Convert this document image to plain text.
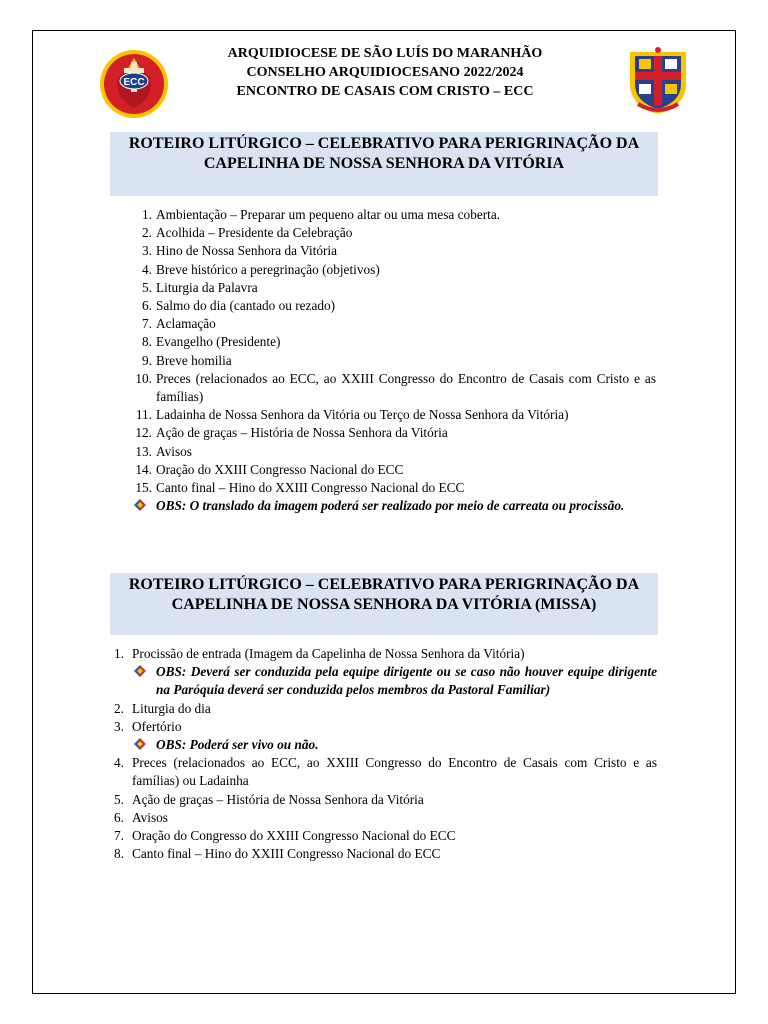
ECC
ARQUIDIOCESE DE SÃO LUÍS DO MARANHÃO
CONSELHO ARQUIDIOCESANO 2022/2024
ENCONTRO DE CASAIS COM CRISTO – ECC
ROTEIRO LITÚRGICO – CELEBRATIVO PARA PERIGRINAÇÃO DA CAPELINHA DE NOSSA SENHORA DA VITÓRIA
1. Ambientação – Preparar um pequeno altar ou uma mesa coberta.
2. Acolhida – Presidente da Celebração
3. Hino de Nossa Senhora da Vitória
4. Breve histórico a peregrinação (objetivos)
5. Liturgia da Palavra
6. Salmo do dia (cantado ou rezado)
7. Aclamação
8. Evangelho (Presidente)
9. Breve homilia
10. Preces (relacionados ao ECC, ao XXIII Congresso do Encontro de Casais com Cristo e as famílias)
11. Ladainha de Nossa Senhora da Vitória ou Terço de Nossa Senhora da Vitória)
12. Ação de graças – História de Nossa Senhora da Vitória
13. Avisos
14. Oração do XXIII Congresso Nacional do ECC
15. Canto final – Hino do XXIII Congresso Nacional do ECC
OBS: O translado da imagem poderá ser realizado por meio de carreata ou procissão.
ROTEIRO LITÚRGICO – CELEBRATIVO PARA PERIGRINAÇÃO DA CAPELINHA DE NOSSA SENHORA DA VITÓRIA (MISSA)
1. Procissão de entrada (Imagem da Capelinha de Nossa Senhora da Vitória)
OBS: Deverá ser conduzida pela equipe dirigente ou se caso não houver equipe dirigente na Paróquia deverá ser conduzida pelos membros da Pastoral Familiar)
2. Liturgia do dia
3. Ofertório
OBS: Poderá ser vivo ou não.
4. Preces (relacionados ao ECC, ao XXIII Congresso do Encontro de Casais com Cristo e as famílias) ou Ladainha
5. Ação de graças – História de Nossa Senhora da Vitória
6. Avisos
7. Oração do Congresso do XXIII Congresso Nacional do ECC
8. Canto final – Hino do XXIII Congresso Nacional do ECC
